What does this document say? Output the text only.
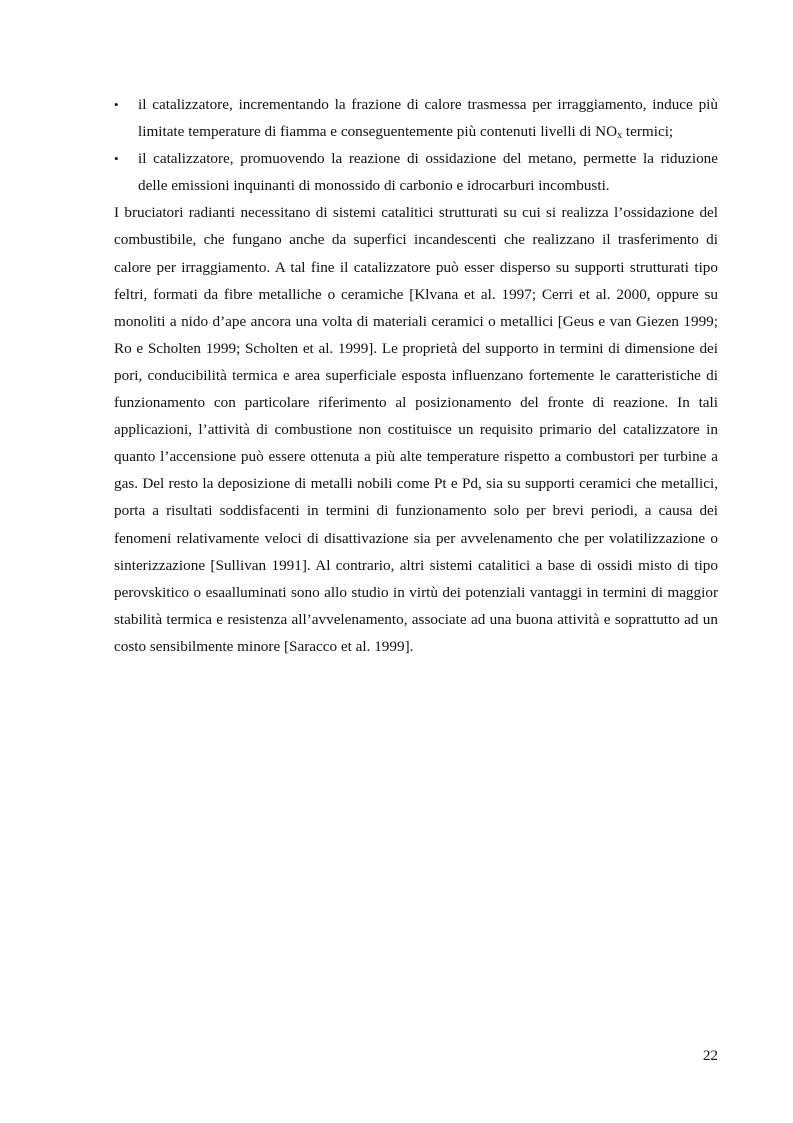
• il catalizzatore, incrementando la frazione di calore trasmessa per irraggiamento, induce più limitate temperature di fiamma e conseguentemente più contenuti livelli di $NO_x$ termici;
• il catalizzatore, promuovendo la reazione di ossidazione del metano, permette la riduzione delle emissioni inquinanti di monossido di carbonio e idrocarburi incombusti.

I bruciatori radianti necessitano di sistemi catalitici strutturati su cui si realizza l’ossidazione del combustibile, che fungano anche da superfici incandescenti che realizzano il trasferimento di calore per irraggiamento. A tal fine il catalizzatore può esser disperso su supporti strutturati tipo feltri, formati da fibre metalliche o ceramiche [Klvana et al. 1997; Cerri et al. 2000, oppure su monoliti a nido d’ape ancora una volta di materiali ceramici o metallici [Geus e van Giezen 1999; Ro e Scholten 1999; Scholten et al. 1999]. Le proprietà del supporto in termini di dimensione dei pori, conducibilità termica e area superficiale esposta influenzano fortemente le caratteristiche di funzionamento con particolare riferimento al posizionamento del fronte di reazione. In tali applicazioni, l’attività di combustione non costituisce un requisito primario del catalizzatore in quanto l’accensione può essere ottenuta a più alte temperature rispetto a combustori per turbine a gas. Del resto la deposizione di metalli nobili come Pt e Pd, sia su supporti ceramici che metallici, porta a risultati soddisfacenti in termini di funzionamento solo per brevi periodi, a causa dei fenomeni relativamente veloci di disattivazione sia per avvelenamento che per volatilizzazione o sinterizzazione [Sullivan 1991]. Al contrario, altri sistemi catalitici a base di ossidi misto di tipo perovskitico o esaalluminati sono allo studio in virtù dei potenziali vantaggi in termini di maggior stabilità termica e resistenza all’avvelenamento, associate ad una buona attività e soprattutto ad un costo sensibilmente minore [Saracco et al. 1999].

22
